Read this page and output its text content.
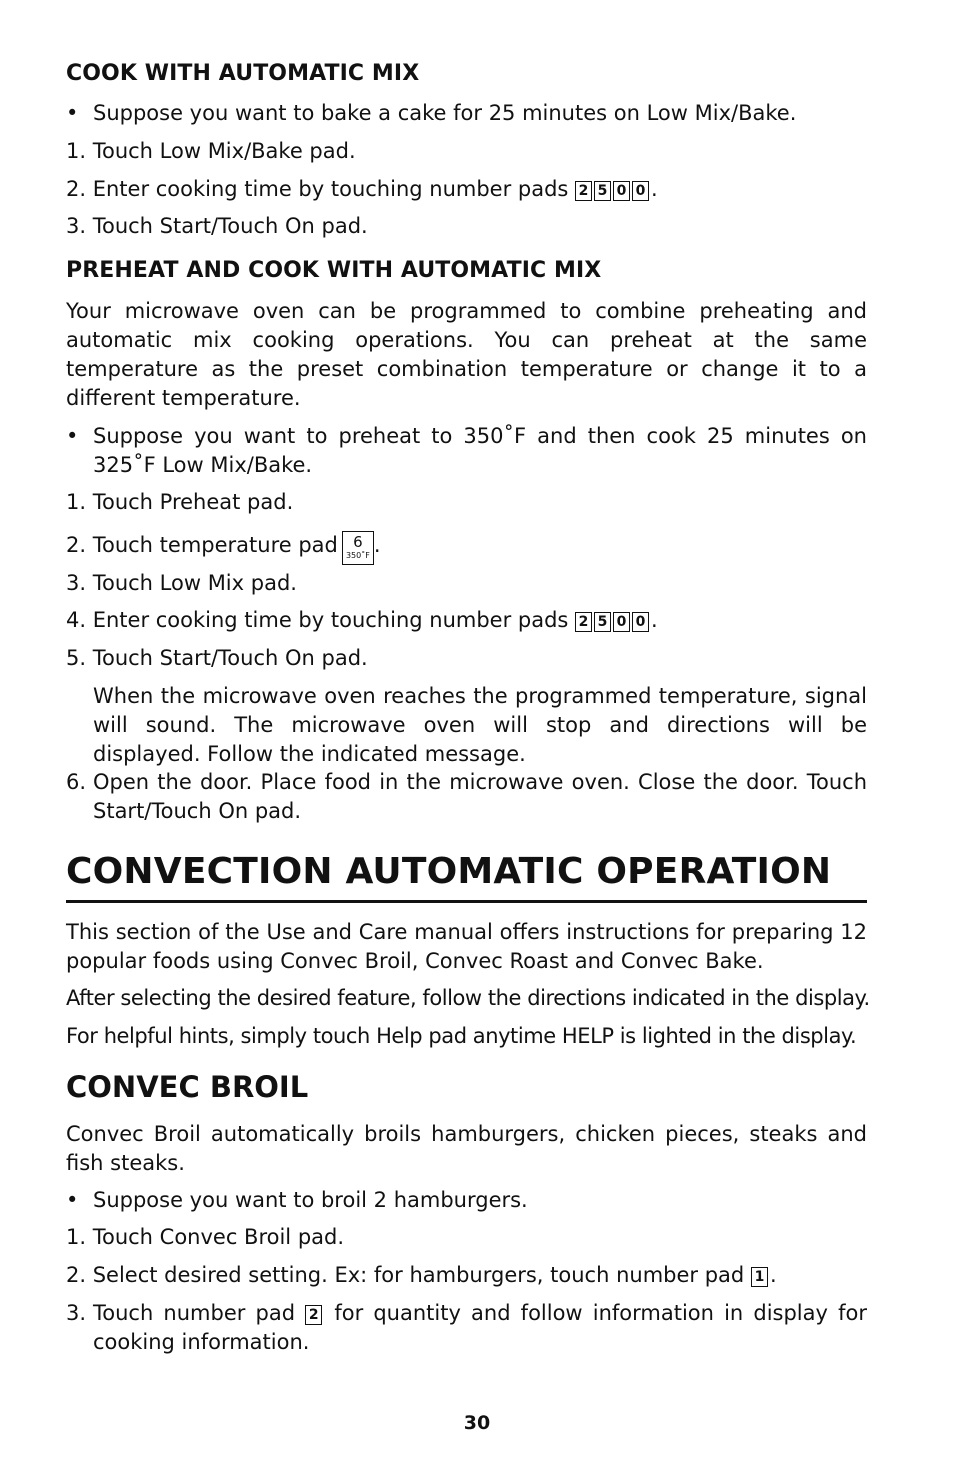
COOK WITH AUTOMATIC MIX
• Suppose you want to bake a cake for 25 minutes on Low Mix/Bake.
1. Touch Low Mix/Bake pad.
2. Enter cooking time by touching number pads 2 5 0 0 .
3. Touch Start/Touch On pad.
PREHEAT AND COOK WITH AUTOMATIC MIX
Your microwave oven can be programmed to combine preheating and automatic mix cooking operations. You can preheat at the same temperature as the preset combination temperature or change it to a different temperature.
• Suppose you want to preheat to 350˚F and then cook 25 minutes on 325˚F Low Mix/Bake.
1. Touch Preheat pad.
2. Touch temperature pad	6
350˚F .
3. Touch Low Mix pad.
4. Enter cooking time by touching number pads 2 5 0 0 .
5. Touch Start/Touch On pad.
When the microwave oven reaches the programmed temperature, signal will sound. The microwave oven will stop and directions will be displayed. Follow the indicated message.
6. Open the door. Place food in the microwave oven. Close the door. Touch Start/Touch On pad.
CONVECTION AUTOMATIC OPERATION
This section of the Use and Care manual offers instructions for preparing 12 popular foods using Convec Broil, Convec Roast and Convec Bake.
After selecting the desired feature, follow the directions indicated in the display.
For helpful hints, simply touch Help pad anytime HELP is lighted in the display.
CONVEC BROIL
Convec Broil automatically broils hamburgers, chicken pieces, steaks and fish steaks.
• Suppose you want to broil 2 hamburgers.
1. Touch Convec Broil pad.
2. Select desired setting. Ex: for hamburgers, touch number pad 1 .
3. Touch number pad 2 for quantity and follow information in display for cooking information.
30
